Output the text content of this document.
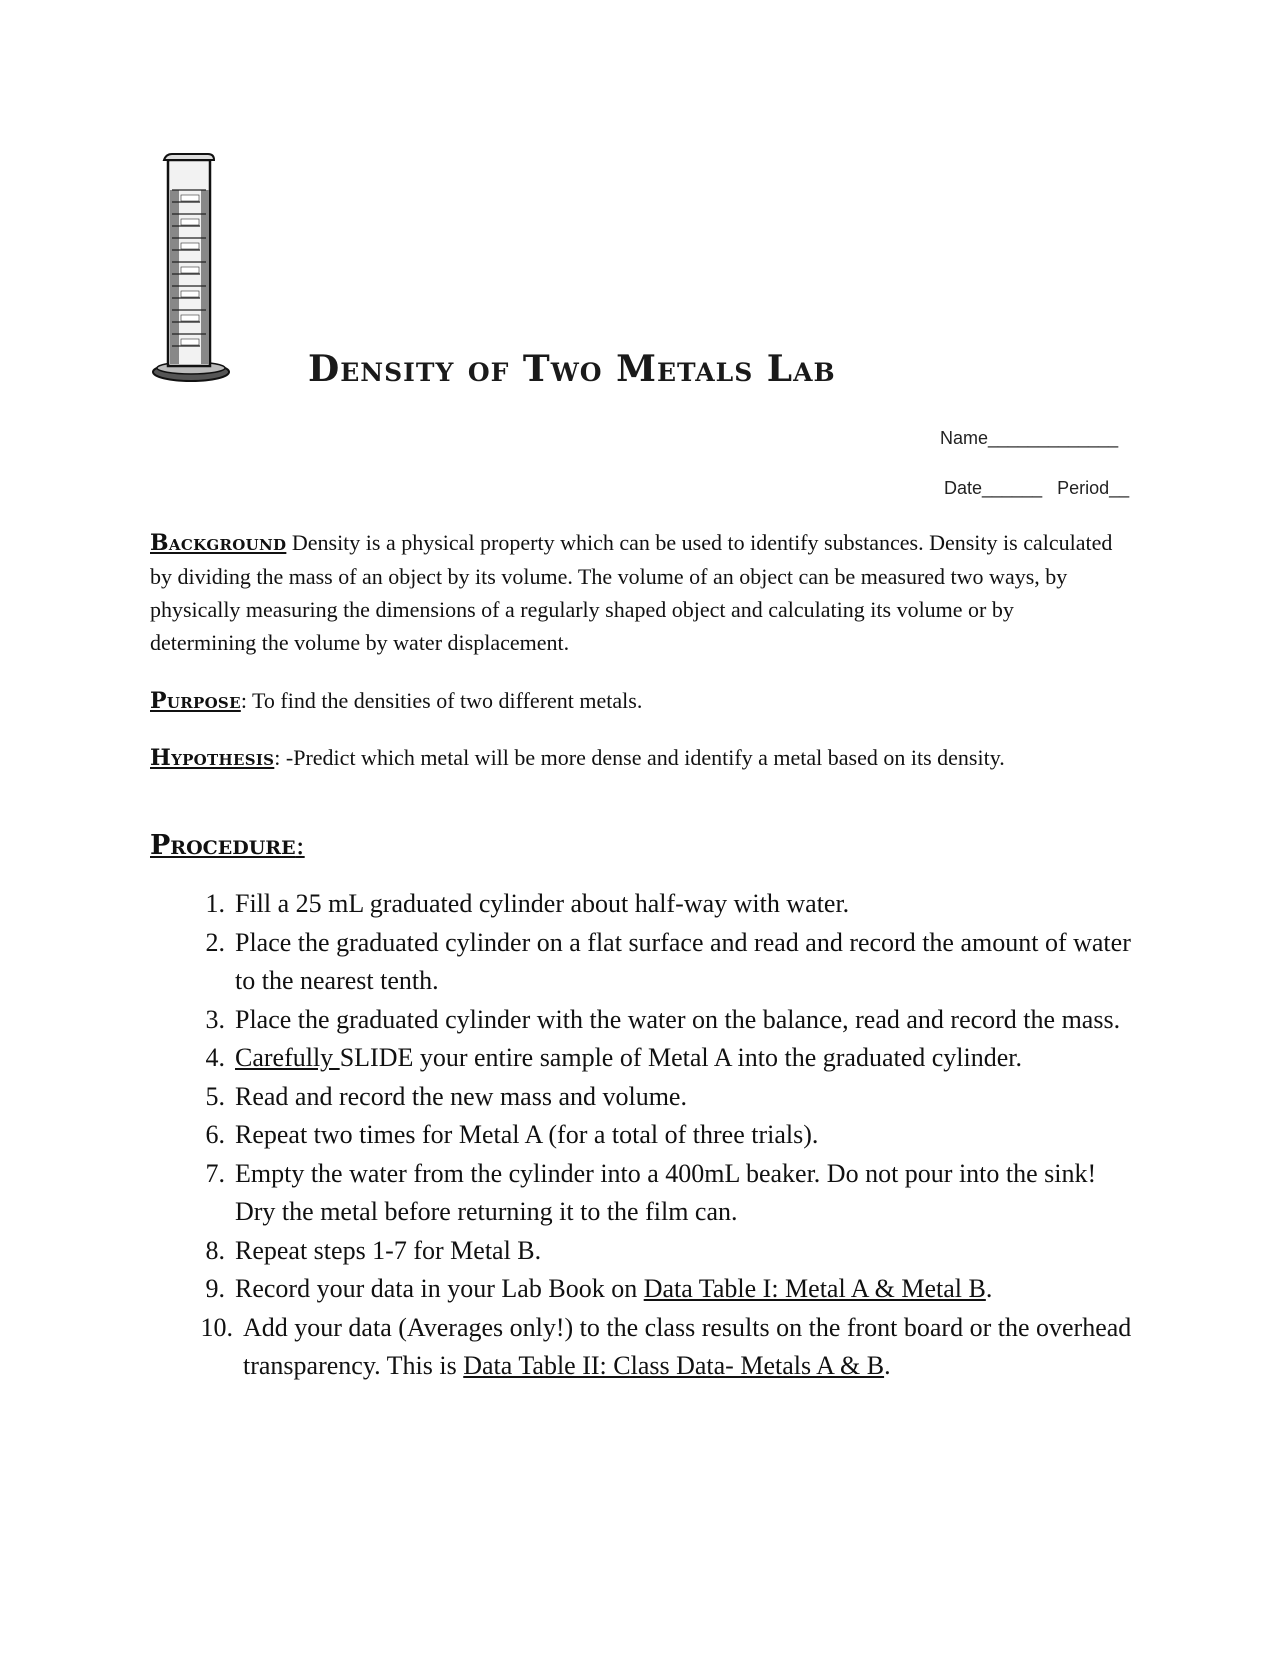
Density of Two Metals Lab
Name_____________
Date______ Period__

Background Density is a physical property which can be used to identify substances. Density is calculated by dividing the mass of an object by its volume. The volume of an object can be measured two ways, by physically measuring the dimensions of a regularly shaped object and calculating its volume or by determining the volume by water displacement.

Purpose: To find the densities of two different metals.

Hypothesis: -Predict which metal will be more dense and identify a metal based on its density.

Procedure:
1. Fill a 25 mL graduated cylinder about half-way with water.
2. Place the graduated cylinder on a flat surface and read and record the amount of water to the nearest tenth.
3. Place the graduated cylinder with the water on the balance, read and record the mass.
4. Carefully SLIDE your entire sample of Metal A into the graduated cylinder.
5. Read and record the new mass and volume.
6. Repeat two times for Metal A (for a total of three trials).
7. Empty the water from the cylinder into a 400mL beaker. Do not pour into the sink! Dry the metal before returning it to the film can.
8. Repeat steps 1-7 for Metal B.
9. Record your data in your Lab Book on Data Table I: Metal A & Metal B.
10. Add your data (Averages only!) to the class results on the front board or the overhead transparency. This is Data Table II: Class Data- Metals A & B.
